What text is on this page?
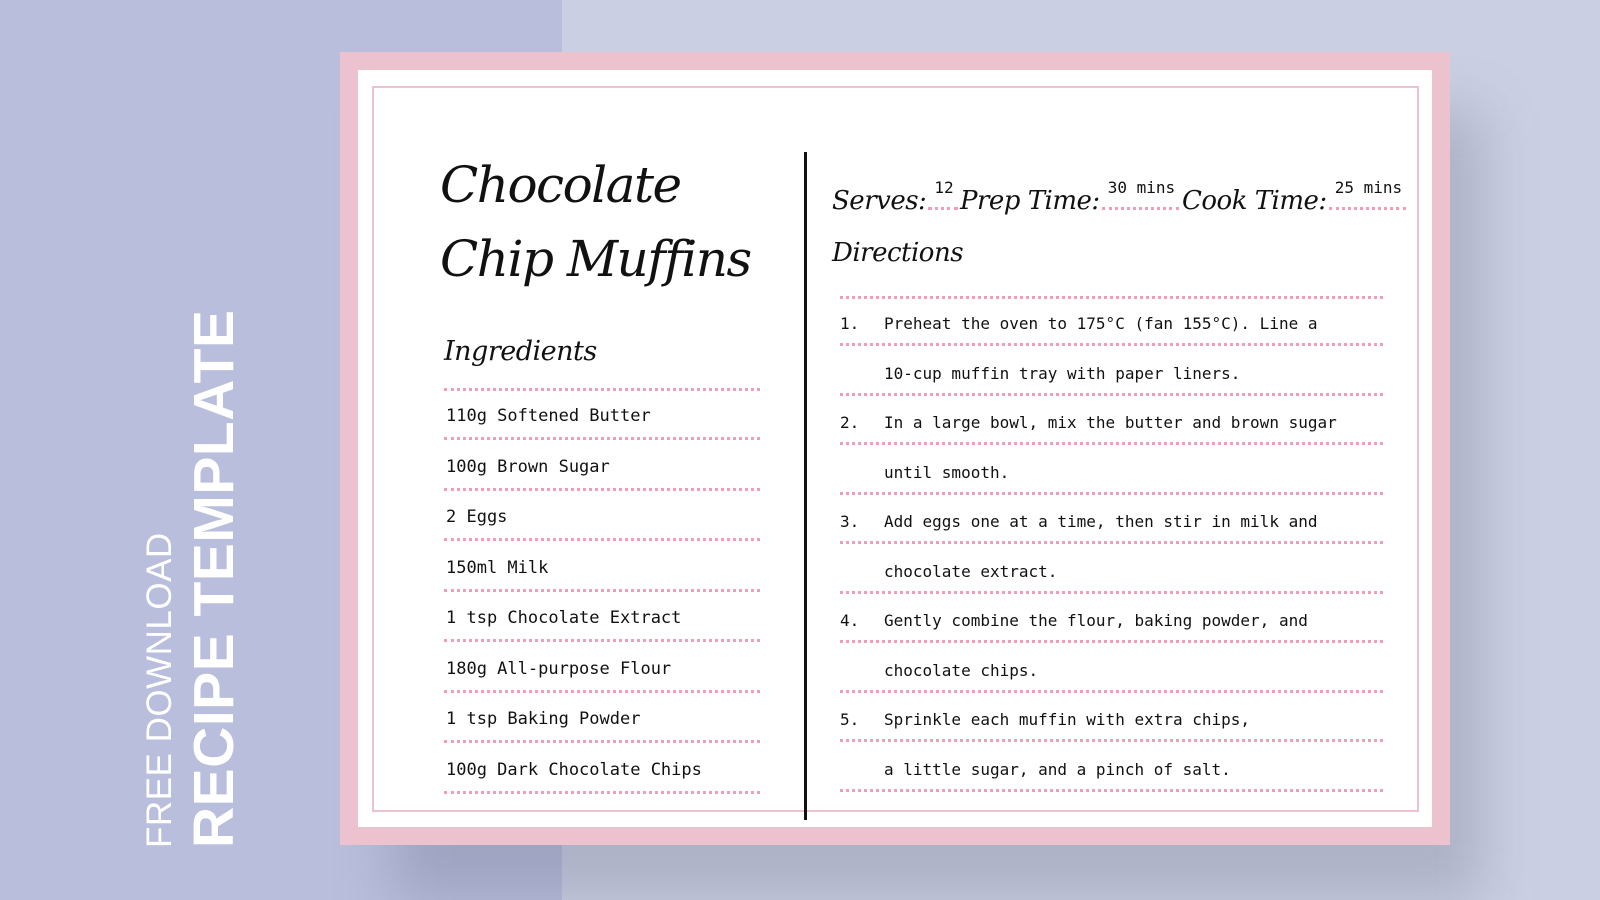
FREE DOWNLOAD RECIPE TEMPLATE
Chocolate Chip Muffins
Ingredients
110g Softened Butter
100g Brown Sugar
2 Eggs
150ml Milk
1 tsp Chocolate Extract
180g All-purpose Flour
1 tsp Baking Powder
100g Dark Chocolate Chips
Serves: 12 Prep Time: 30 mins Cook Time: 25 mins
Directions
1. Preheat the oven to 175°C (fan 155°C). Line a
10-cup muffin tray with paper liners.
2. In a large bowl, mix the butter and brown sugar
until smooth.
3. Add eggs one at a time, then stir in milk and
chocolate extract.
4. Gently combine the flour, baking powder, and
chocolate chips.
5. Sprinkle each muffin with extra chips,
a little sugar, and a pinch of salt.
